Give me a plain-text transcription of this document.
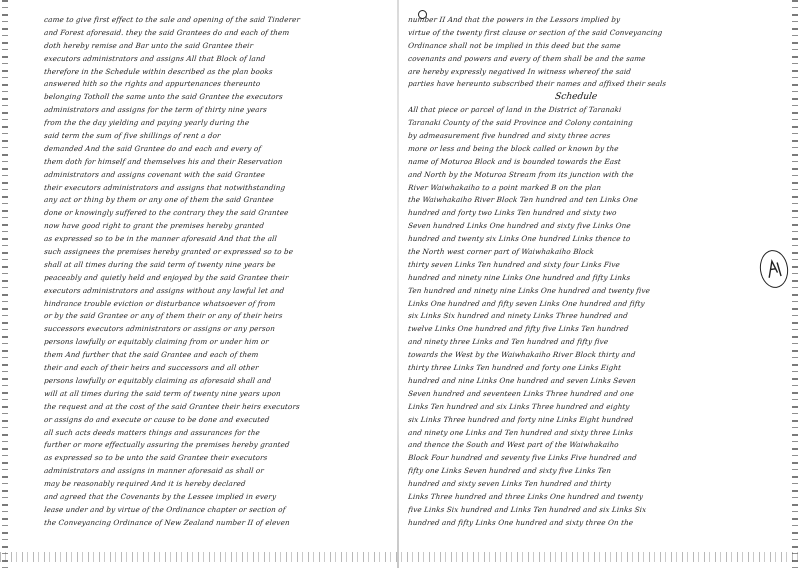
came to give first effect to the sale and opening of the said Tinderer
and Forest aforesaid. they the said Grantees do and each of them
doth hereby remise and Bar unto the said Grantee their
executors administrators and assigns All that Block of land
therefore in the Schedule within described as the plan books
answered hith so the rights and appurtenances thereunto
belonging Totholl the same unto the said Grantee the executors
administrators and assigns for the term of thirty nine years
from the the day yielding and paying yearly during the
said term the sum of five shillings of rent a dor
demanded And the said Grantee do and each and every of
them doth for himself and themselves his and their Reservation
administrators and assigns covenant with the said Grantee
their executors administrators and assigns that notwithstanding
any act or thing by them or any one of them the said Grantee
done or knowingly suffered to the contrary they the said Grantee
now have good right to grant the premises hereby granted
as expressed so to be in the manner aforesaid And that the all
such assignees the premises hereby granted or expressed so to be
shall at all times during the said term of twenty nine years be
peaceably and quietly held and enjoyed by the said Grantee their
executors administrators and assigns without any lawful let and
hindrance trouble eviction or disturbance whatsoever of from
or by the said Grantee or any of them their or any of their heirs
successors executors administrators or assigns or any person
persons lawfully or equitably claiming from or under him or
them And further that the said Grantee and each of them
their and each of their heirs and successors and all other
persons lawfully or equitably claiming as aforesaid shall and
will at all times during the said term of twenty nine years upon
the request and at the cost of the said Grantee their heirs executors
or assigns do and execute or cause to be done and executed
all such acts deeds matters things and assurances for the
further or more effectually assuring the premises hereby granted
as expressed so to be unto the said Grantee their executors
administrators and assigns in manner aforesaid as shall or
may be reasonably required And it is hereby declared
and agreed that the Covenants by the Lessee implied in every
lease under and by virtue of the Ordinance chapter or section of
the Conveyancing Ordinance of New Zealand number II of eleven
number II And that the powers in the Lessors implied by
virtue of the twenty first clause or section of the said Conveyancing
Ordinance shall not be implied in this deed but the same
covenants and powers and every of them shall be and the same
are hereby expressly negatived In witness whereof the said
parties have hereunto subscribed their names and affixed their seals
Schedule
All that piece or parcel of land in the District of Taranaki
Taranaki County of the said Province and Colony containing
by admeasurement five hundred and sixty three acres
more or less and being the block called or known by the
name of Moturoa Block and is bounded towards the East
and North by the Moturoa Stream from its junction with the
River Waiwhakaiho to a point marked B on the plan
the Waiwhakaiho River Block Ten hundred and ten Links One
hundred and forty two Links Ten hundred and sixty two
Seven hundred Links One hundred and sixty five Links One
hundred and twenty six Links One hundred Links thence to
the North west corner part of Waiwhakaiho Block
thirty seven Links Ten hundred and sixty four Links Five
hundred and ninety nine Links One hundred and fifty Links
Ten hundred and ninety nine Links One hundred and twenty five
Links One hundred and fifty seven Links One hundred and fifty
six Links Six hundred and ninety Links Three hundred and
twelve Links One hundred and fifty five Links Ten hundred
and ninety three Links and Ten hundred and fifty five
towards the West by the Waiwhakaiho River Block thirty and
thirty three Links Ten hundred and forty one Links Eight
hundred and nine Links One hundred and seven Links Seven
Seven hundred and seventeen Links Three hundred and one
Links Ten hundred and six Links Three hundred and eighty
six Links Three hundred and forty nine Links Eight hundred
and ninety one Links and Ten hundred and sixty three Links
and thence the South and West part of the Waiwhakaiho
Block Four hundred and seventy five Links Five hundred and
fifty one Links Seven hundred and sixty five Links Ten
hundred and sixty seven Links Ten hundred and thirty
Links Three hundred and three Links One hundred and twenty
five Links Six hundred and Links Ten hundred and six Links Six
hundred and fifty Links One hundred and sixty three On the
